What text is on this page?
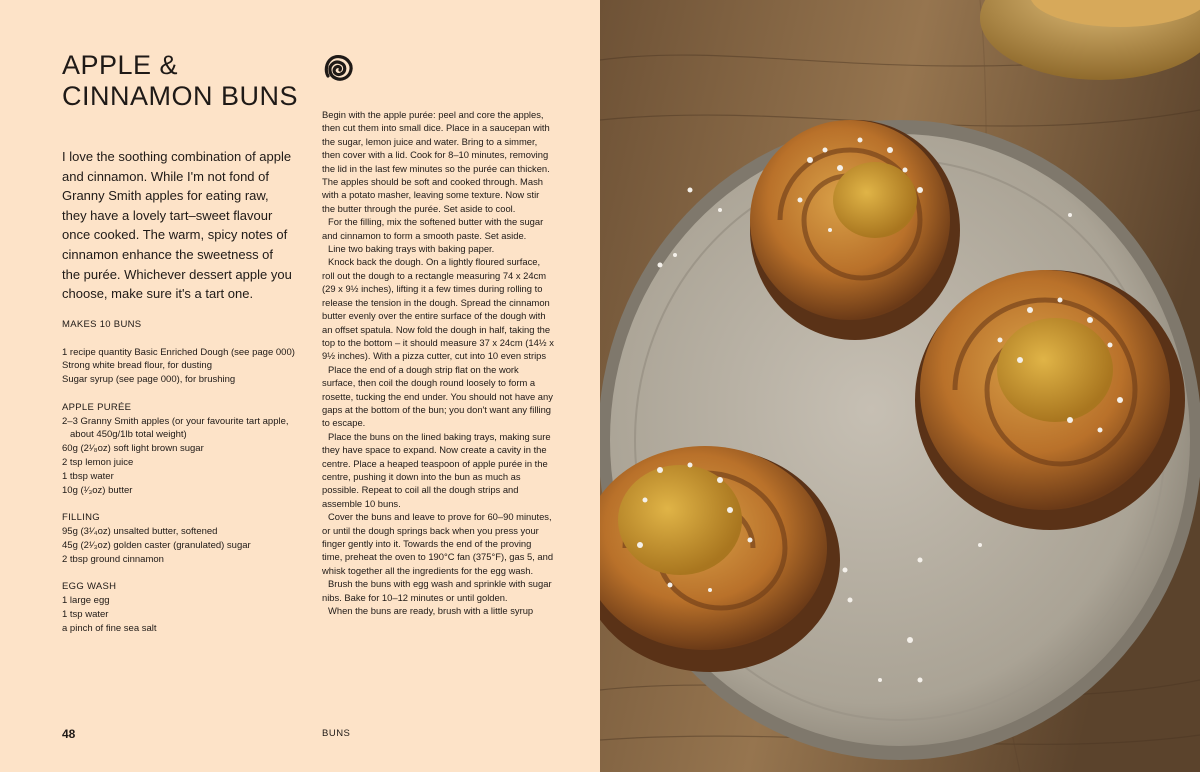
APPLE &
CINNAMON BUNS

I love the soothing combination of apple and cinnamon. While I'm not fond of Granny Smith apples for eating raw, they have a lovely tart–sweet flavour once cooked. The warm, spicy notes of cinnamon enhance the sweetness of the purée. Whichever dessert apple you choose, make sure it's a tart one.

MAKES 10 BUNS

1 recipe quantity Basic Enriched Dough (see page 000)

Strong white bread flour, for dusting

Sugar syrup (see page 000), for brushing

APPLE PURÉE

2–3 Granny Smith apples (or your favourite tart apple, about 450g/1lb total weight)

60g (2¹⁄₈oz) soft light brown sugar

2 tsp lemon juice

1 tbsp water

10g (¹⁄₃oz) butter

FILLING

95g (3¹⁄₄oz) unsalted butter, softened

45g (2¹⁄₃oz) golden caster (granulated) sugar

2 tbsp ground cinnamon

EGG WASH

1 large egg

1 tsp water

a pinch of fine sea salt

Begin with the apple purée: peel and core the apples, then cut them into small dice. Place in a saucepan with the sugar, lemon juice and water. Bring to a simmer, then cover with a lid. Cook for 8–10 minutes, removing the lid in the last few minutes so the purée can thicken. The apples should be soft and cooked through. Mash with a potato masher, leaving some texture. Now stir the butter through the purée. Set aside to cool.

For the filling, mix the softened butter with the sugar and cinnamon to form a smooth paste. Set aside.

Line two baking trays with baking paper.

Knock back the dough. On a lightly floured surface, roll out the dough to a rectangle measuring 74 x 24cm (29 x 9½ inches), lifting it a few times during rolling to release the tension in the dough. Spread the cinnamon butter evenly over the entire surface of the dough with an offset spatula. Now fold the dough in half, taking the top to the bottom – it should measure 37 x 24cm (14½ x 9½ inches). With a pizza cutter, cut into 10 even strips

Place the end of a dough strip flat on the work surface, then coil the dough round loosely to form a rosette, tucking the end under. You should not have any gaps at the bottom of the bun; you don't want any filling to escape.

Place the buns on the lined baking trays, making sure they have space to expand. Now create a cavity in the centre. Place a heaped teaspoon of apple purée in the centre, pushing it down into the bun as much as possible. Repeat to coil all the dough strips and assemble 10 buns.

Cover the buns and leave to prove for 60–90 minutes, or until the dough springs back when you press your finger gently into it. Towards the end of the proving time, preheat the oven to 190°C fan (375°F), gas 5, and whisk together all the ingredients for the egg wash.

Brush the buns with egg wash and sprinkle with sugar nibs. Bake for 10–12 minutes or until golden.

When the buns are ready, brush with a little syrup

48	BUNS
